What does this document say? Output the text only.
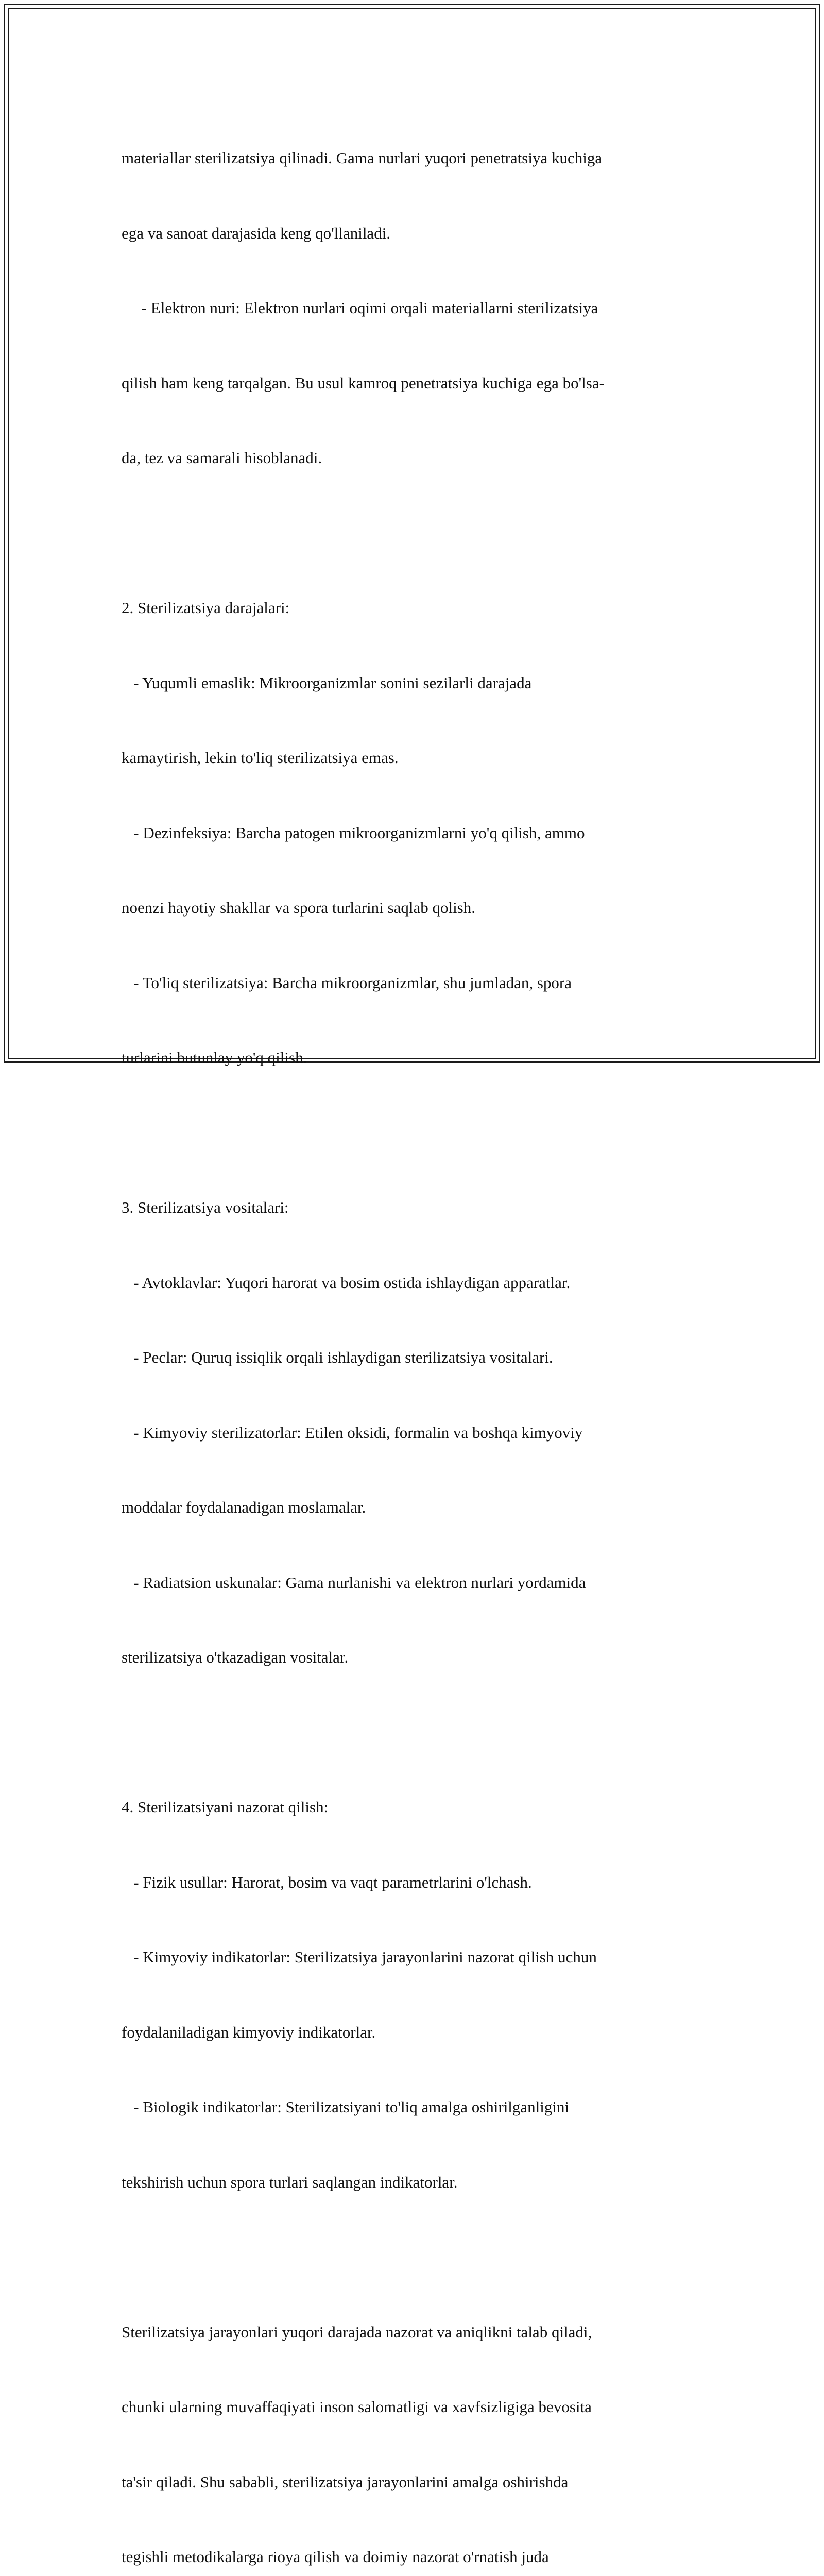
materiallar sterilizatsiya qilinadi. Gama nurlari yuqori penetratsiya kuchiga

ega va sanoat darajasida keng qo'llaniladi.

- Elektron nuri: Elektron nurlari oqimi orqali materiallarni sterilizatsiya

qilish ham keng tarqalgan. Bu usul kamroq penetratsiya kuchiga ega bo'lsa-

da, tez va samarali hisoblanadi.

2. Sterilizatsiya darajalari:

- Yuqumli emaslik: Mikroorganizmlar sonini sezilarli darajada

kamaytirish, lekin to'liq sterilizatsiya emas.

- Dezinfeksiya: Barcha patogen mikroorganizmlarni yo'q qilish, ammo

noenzi hayotiy shakllar va spora turlarini saqlab qolish.

- To'liq sterilizatsiya: Barcha mikroorganizmlar, shu jumladan, spora

turlarini butunlay yo'q qilish.

3. Sterilizatsiya vositalari:

- Avtoklavlar: Yuqori harorat va bosim ostida ishlaydigan apparatlar.

- Peclar: Quruq issiqlik orqali ishlaydigan sterilizatsiya vositalari.

- Kimyoviy sterilizatorlar: Etilen oksidi, formalin va boshqa kimyoviy

moddalar foydalanadigan moslamalar.

- Radiatsion uskunalar: Gama nurlanishi va elektron nurlari yordamida

sterilizatsiya o'tkazadigan vositalar.

4. Sterilizatsiyani nazorat qilish:

- Fizik usullar: Harorat, bosim va vaqt parametrlarini o'lchash.

- Kimyoviy indikatorlar: Sterilizatsiya jarayonlarini nazorat qilish uchun

foydalaniladigan kimyoviy indikatorlar.

- Biologik indikatorlar: Sterilizatsiyani to'liq amalga oshirilganligini

tekshirish uchun spora turlari saqlangan indikatorlar.

Sterilizatsiya jarayonlari yuqori darajada nazorat va aniqlikni talab qiladi,

chunki ularning muvaffaqiyati inson salomatligi va xavfsizligiga bevosita

ta'sir qiladi. Shu sababli, sterilizatsiya jarayonlarini amalga oshirishda

tegishli metodikalarga rioya qilish va doimiy nazorat o'rnatish juda
